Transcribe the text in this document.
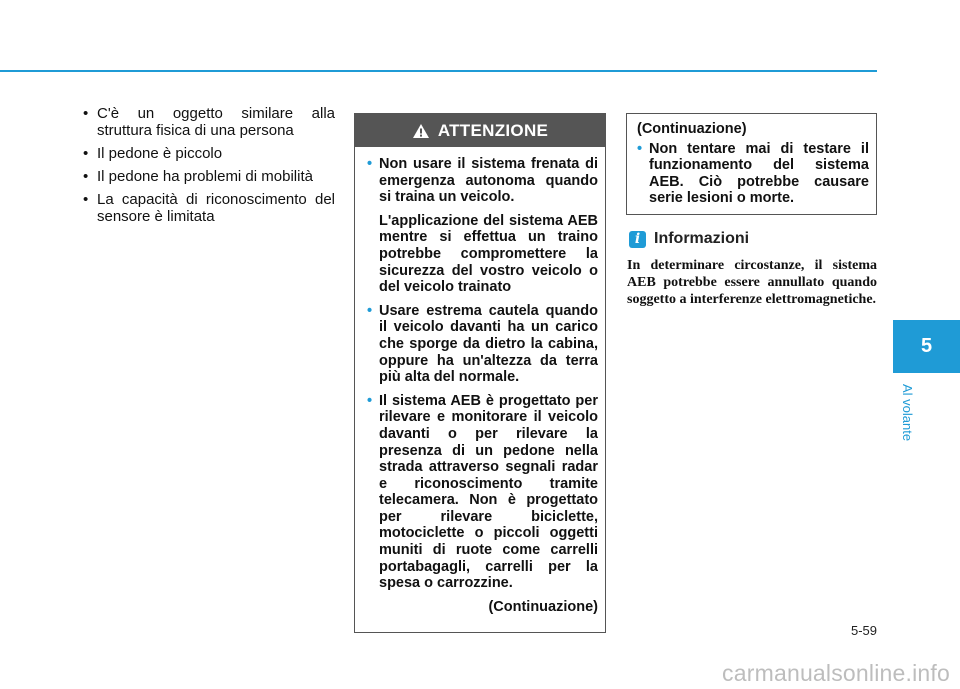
• C'è un oggetto similare alla struttura fisica di una persona
• Il pedone è piccolo
• Il pedone ha problemi di mobilità
• La capacità di riconoscimento del sensore è limitata
ATTENZIONE
• Non usare il sistema frenata di emergenza autonoma quando si traina un veicolo.
L'applicazione del sistema AEB mentre si effettua un traino potrebbe compromettere la sicurezza del vostro veicolo o del veicolo trainato
• Usare estrema cautela quando il veicolo davanti ha un carico che sporge da dietro la cabina, oppure ha un'altezza da terra più alta del normale.
• Il sistema AEB è progettato per rilevare e monitorare il veicolo davanti o per rilevare la presenza di un pedone nella strada attraverso segnali radar e riconoscimento tramite telecamera. Non è progettato per rilevare biciclette, motociclette o piccoli oggetti muniti di ruote come carrelli portabagagli, carrelli per la spesa o carrozzine.
(Continuazione)
(Continuazione)
• Non tentare mai di testare il funzionamento del sistema AEB. Ciò potrebbe causare serie lesioni o morte.
i Informazioni
In determinare circostanze, il sistema AEB potrebbe essere annullato quando soggetto a interferenze elettromagnetiche.
5
Al volante
5-59
carmanualsonline.info
